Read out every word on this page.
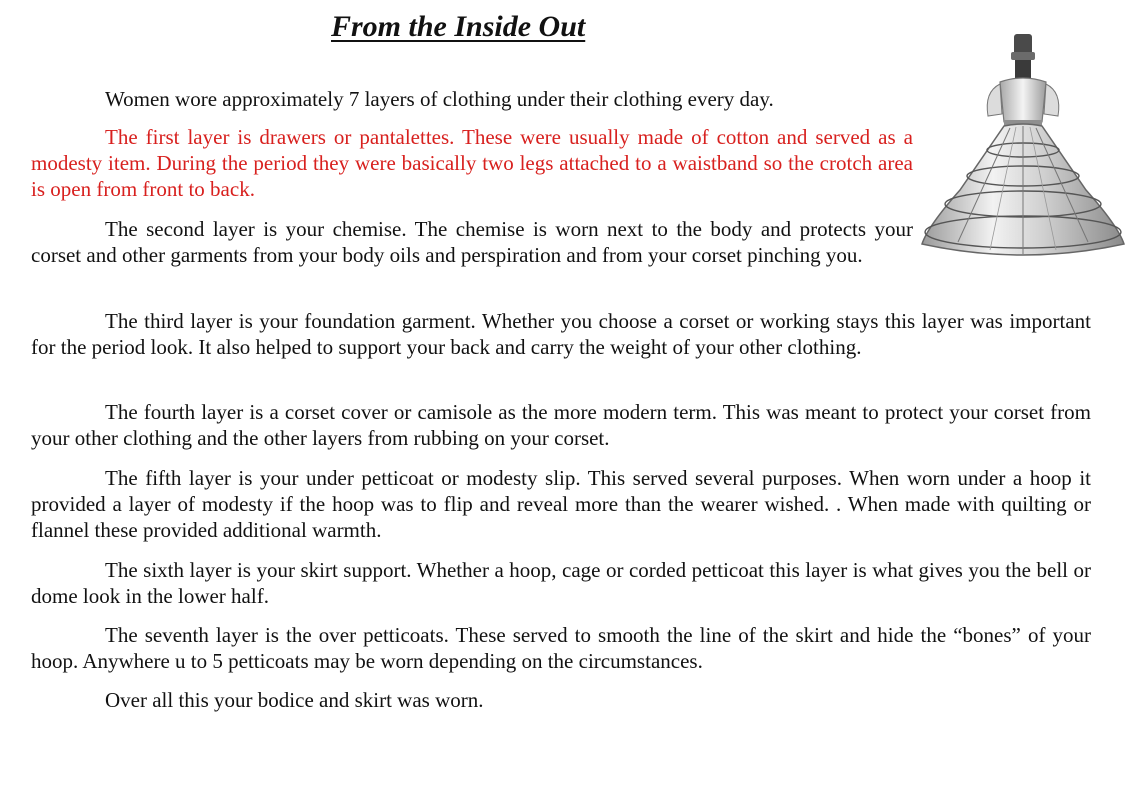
From the Inside Out

Women wore approximately 7 layers of clothing under their clothing every day.

The first layer is drawers or pantalettes. These were usually made of cotton and served as a modesty item. During the period they were basically two legs attached to a waistband so the crotch area is open from front to back.

The second layer is your chemise. The chemise is worn next to the body and protects your corset and other garments from your body oils and perspiration and from your corset pinching you.

The third layer is your foundation garment. Whether you choose a corset or working stays this layer was important for the period look. It also helped to support your back and carry the weight of your other clothing.

The fourth layer is a corset cover or camisole as the more modern term. This was meant to protect your corset from your other clothing and the other layers from rubbing on your corset.

The fifth layer is your under petticoat or modesty slip. This served several purposes. When worn under a hoop it provided a layer of modesty if the hoop was to flip and reveal more than the wearer wished. . When made with quilting or flannel these provided additional warmth.

The sixth layer is your skirt support. Whether a hoop, cage or corded petticoat this layer is what gives you the bell or dome look in the lower half.

The seventh layer is the over petticoats. These served to smooth the line of the skirt and hide the “bones” of your hoop. Anywhere u to 5 petticoats may be worn depending on the circumstances.

Over all this your bodice and skirt was worn.
